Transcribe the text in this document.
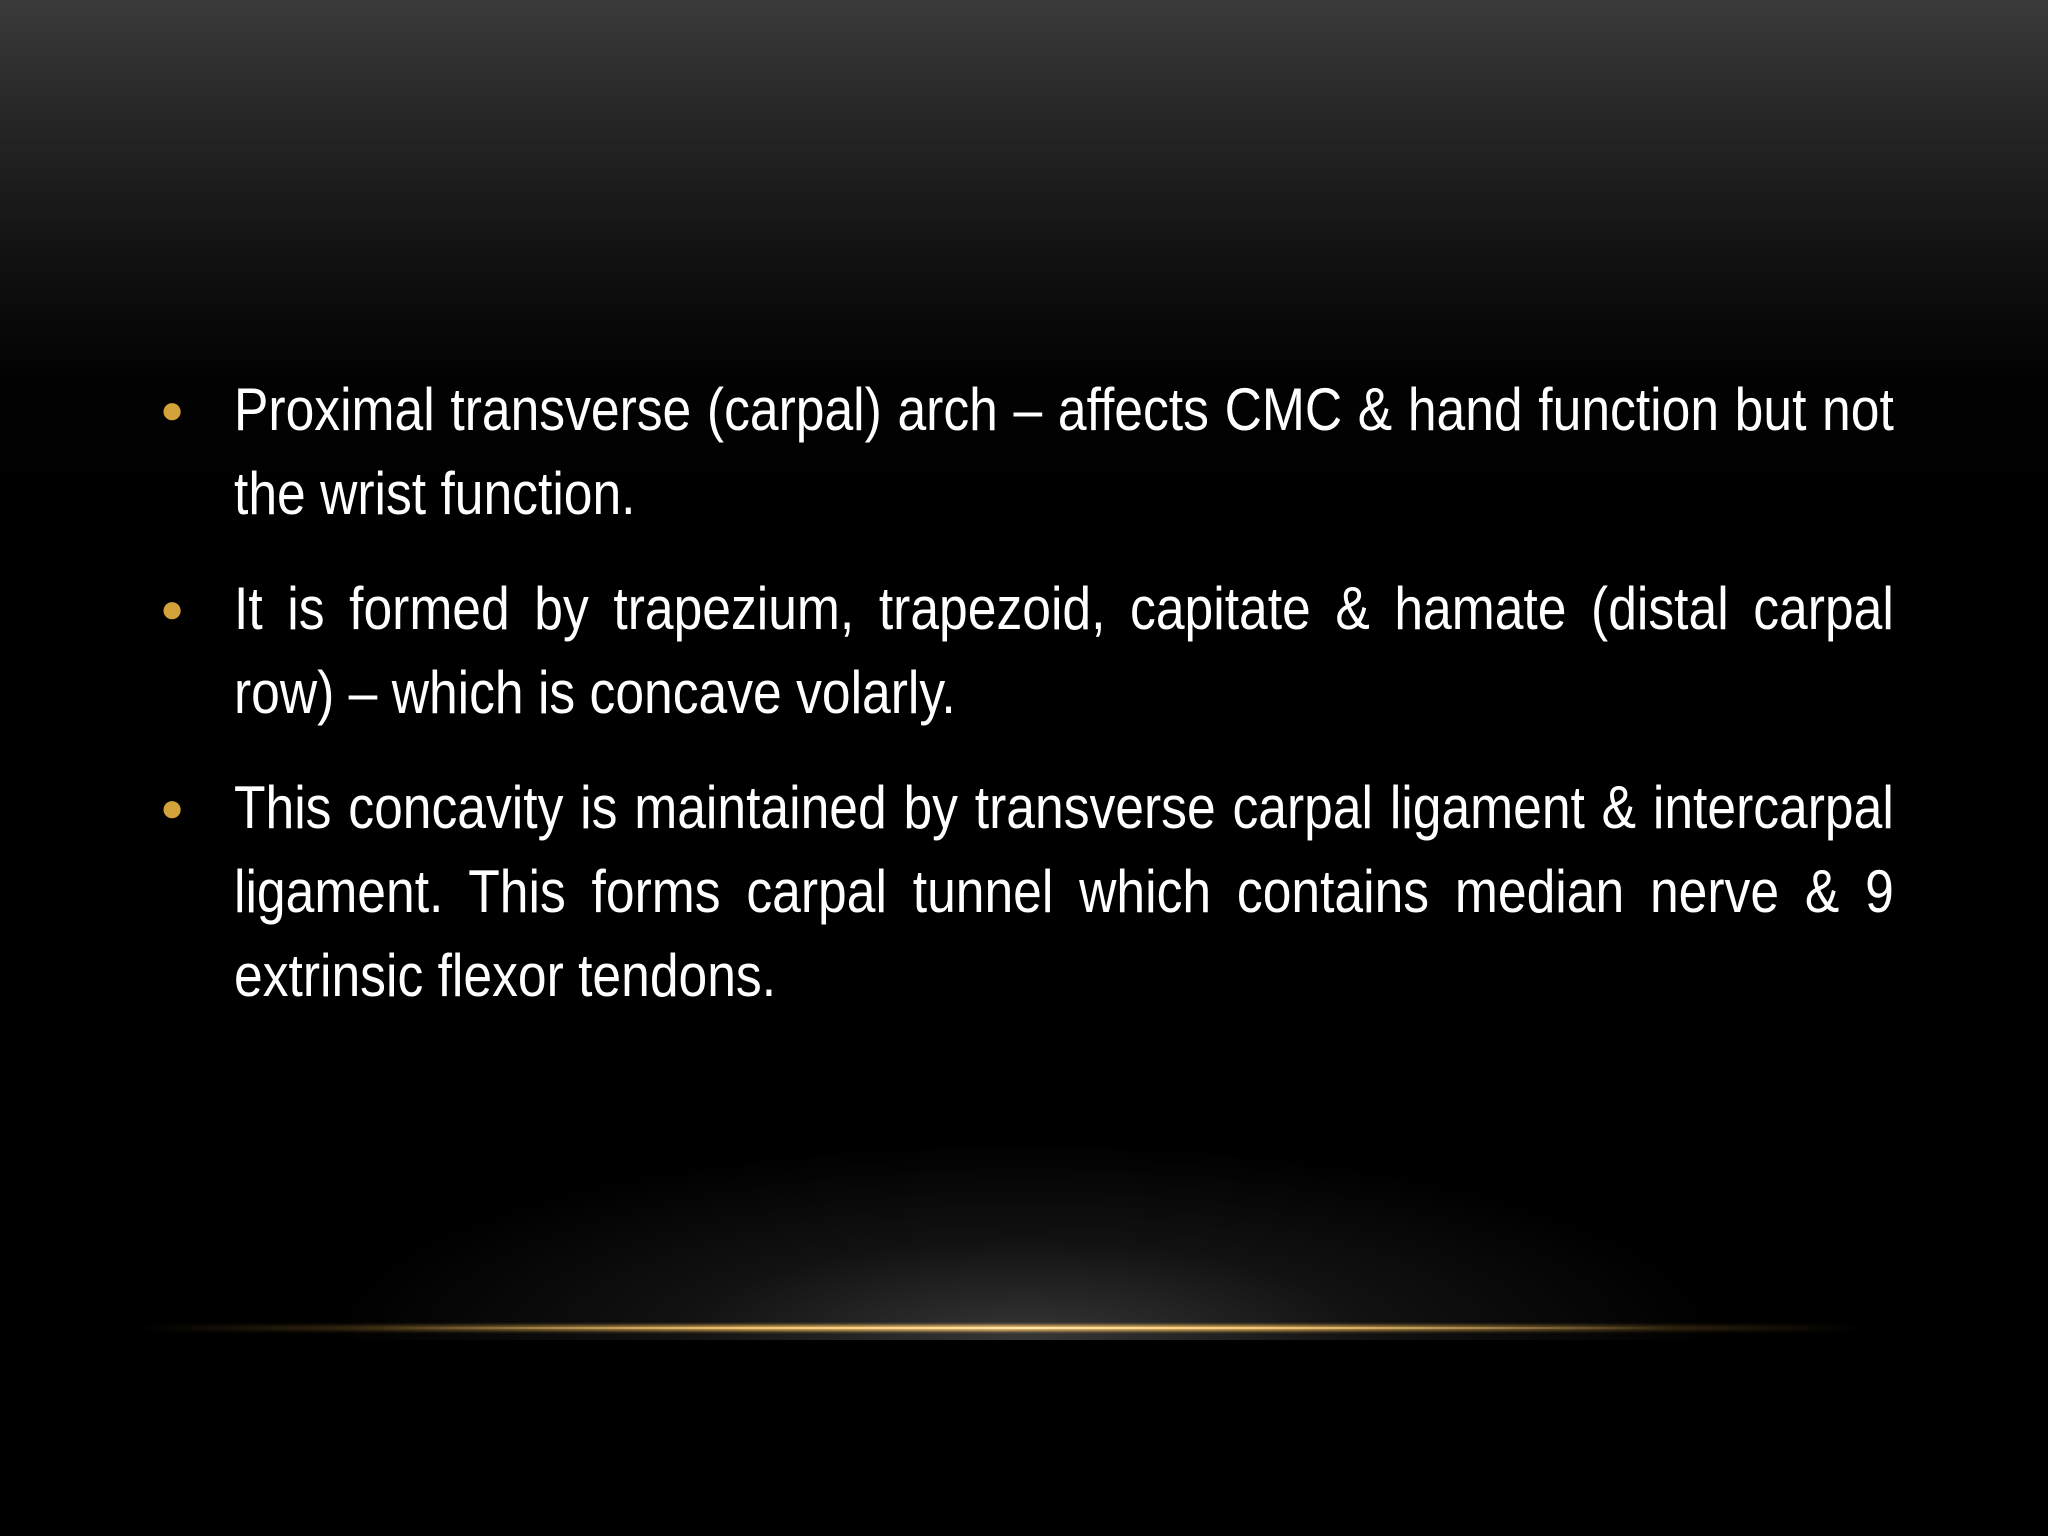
● Proximal transverse (carpal) arch – affects CMC & hand function but not the wrist function.
● It is formed by trapezium, trapezoid, capitate & hamate (distal carpal row) – which is concave volarly.
● This concavity is maintained by transverse carpal ligament & intercarpal ligament. This forms carpal tunnel which contains median nerve & 9 extrinsic flexor tendons.
